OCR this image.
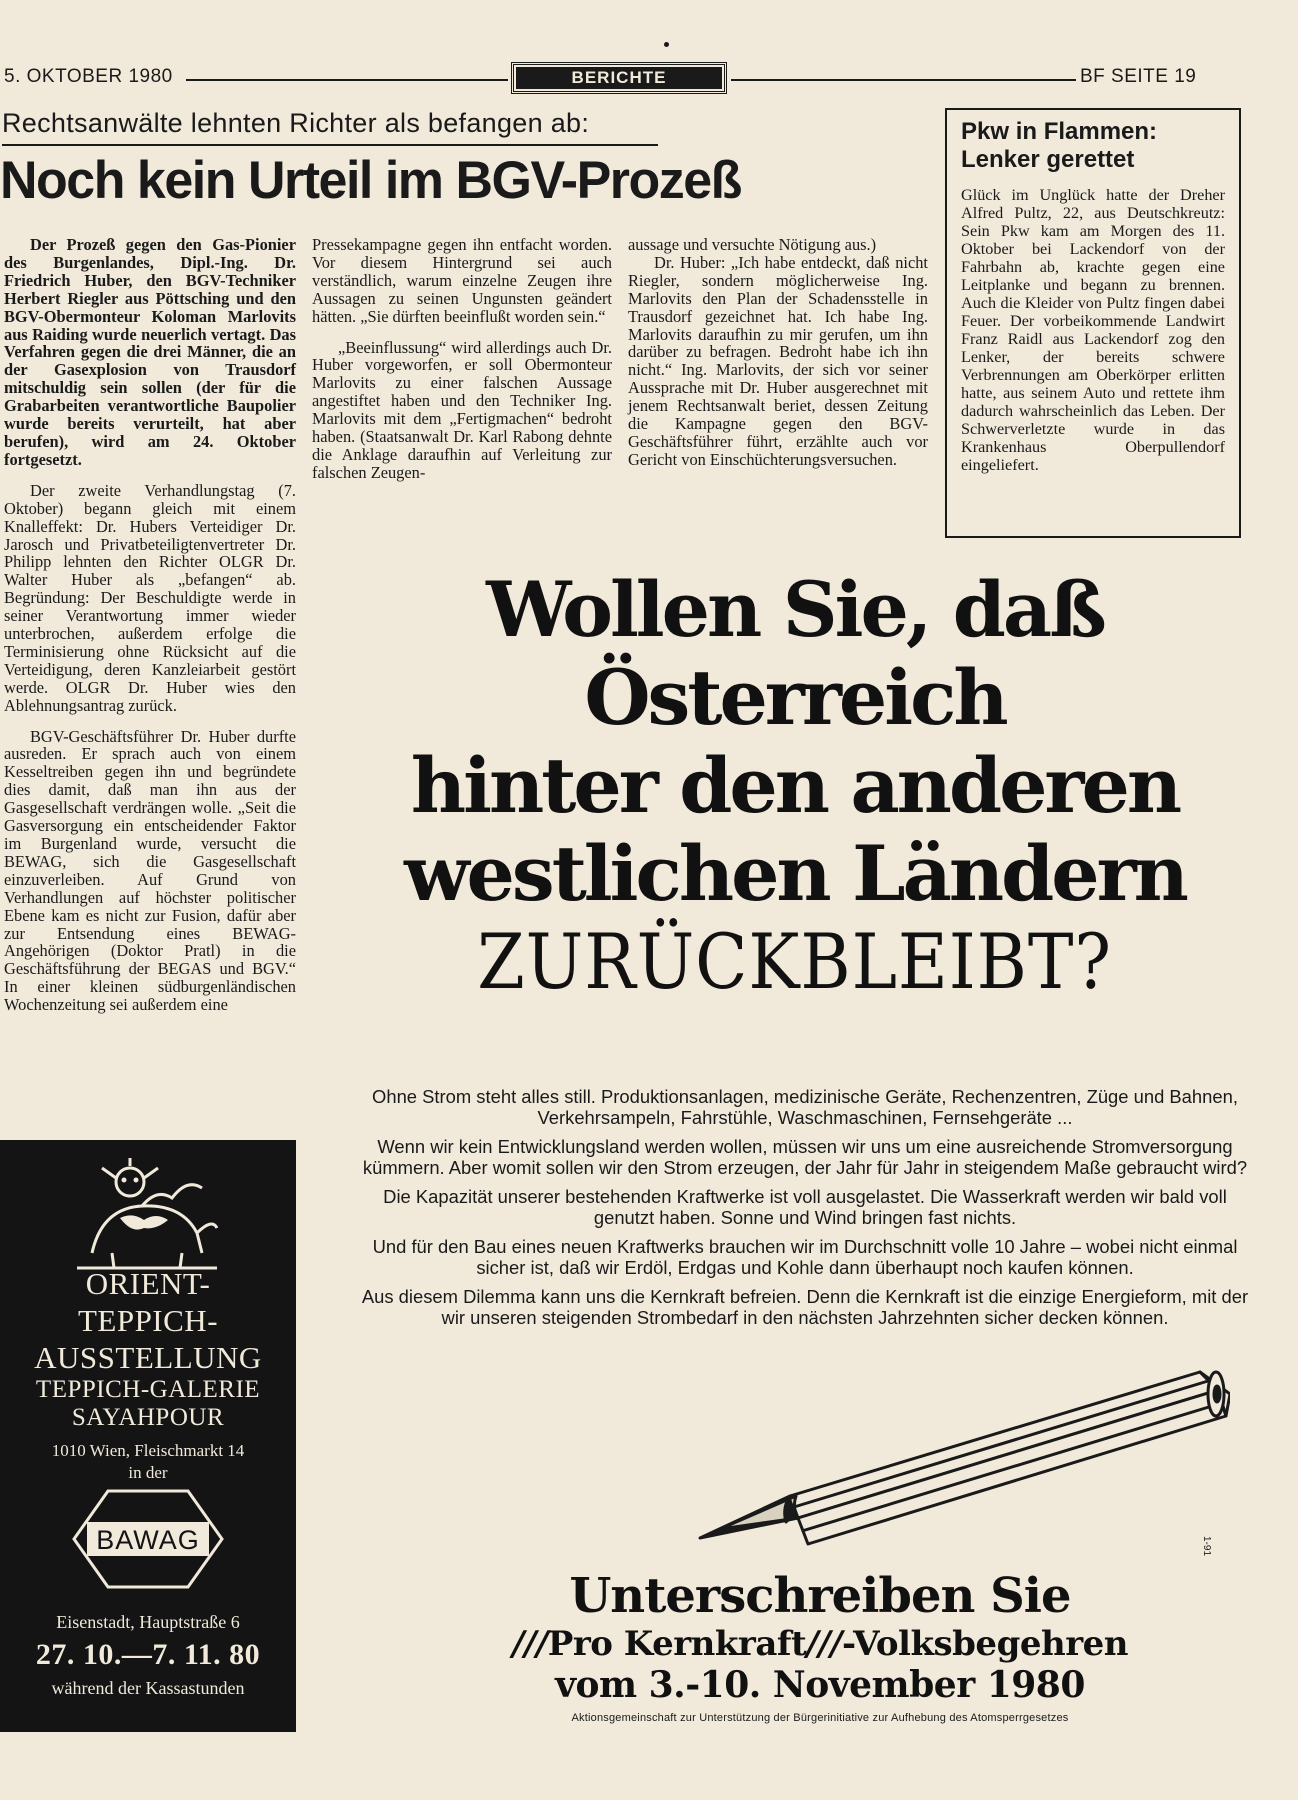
5. OKTOBER 1980	BERICHTE	BF SEITE 19
Rechtsanwälte lehnten Richter als befangen ab:
Noch kein Urteil im BGV-Prozeß

Der Prozeß gegen den Gas-Pionier des Burgenlandes, Dipl.-Ing. Dr. Friedrich Huber, den BGV-Techniker Herbert Riegler aus Pöttsching und den BGV-Obermonteur Koloman Marlovits aus Raiding wurde neuerlich vertagt. Das Verfahren gegen die drei Männer, die an der Gasexplosion von Trausdorf mitschuldig sein sollen (der für die Grabarbeiten verantwortliche Baupolier wurde bereits verurteilt, hat aber berufen), wird am 24. Oktober fortgesetzt.

Der zweite Verhandlungstag (7. Oktober) begann gleich mit einem Knalleffekt: Dr. Hubers Verteidiger Dr. Jarosch und Privatbeteiligtenvertreter Dr. Philipp lehnten den Richter OLGR Dr. Walter Huber als „befangen“ ab. Begründung: Der Beschuldigte werde in seiner Verantwortung immer wieder unterbrochen, außerdem erfolge die Terminisierung ohne Rücksicht auf die Verteidigung, deren Kanzleiarbeit gestört werde. OLGR Dr. Huber wies den Ablehnungsantrag zurück.

BGV-Geschäftsführer Dr. Huber durfte ausreden. Er sprach auch von einem Kesseltreiben gegen ihn und begründete dies damit, daß man ihn aus der Gasgesellschaft verdrängen wolle. „Seit die Gasversorgung ein entscheidender Faktor im Burgenland wurde, versucht die BEWAG, sich die Gasgesellschaft einzuverleiben. Auf Grund von Verhandlungen auf höchster politischer Ebene kam es nicht zur Fusion, dafür aber zur Entsendung eines BEWAG-Angehörigen (Doktor Pratl) in die Geschäftsführung der BEGAS und BGV.“ In einer kleinen südburgenländischen Wochenzeitung sei außerdem eine

Pressekampagne gegen ihn entfacht worden. Vor diesem Hintergrund sei auch verständlich, warum einzelne Zeugen ihre Aussagen zu seinen Ungunsten geändert hätten. „Sie dürften beeinflußt worden sein.“

„Beeinflussung“ wird allerdings auch Dr. Huber vorgeworfen, er soll Obermonteur Marlovits zu einer falschen Aussage angestiftet haben und den Techniker Ing. Marlovits mit dem „Fertigmachen“ bedroht haben. (Staatsanwalt Dr. Karl Rabong dehnte die Anklage daraufhin auf Verleitung zur falschen Zeugen-

aussage und versuchte Nötigung aus.)

Dr. Huber: „Ich habe entdeckt, daß nicht Riegler, sondern möglicherweise Ing. Marlovits den Plan der Schadensstelle in Trausdorf gezeichnet hat. Ich habe Ing. Marlovits daraufhin zu mir gerufen, um ihn darüber zu befragen. Bedroht habe ich ihn nicht.“ Ing. Marlovits, der sich vor seiner Aussprache mit Dr. Huber ausgerechnet mit jenem Rechtsanwalt beriet, dessen Zeitung die Kampagne gegen den BGV-Geschäftsführer führt, erzählte auch vor Gericht von Einschüchterungsversuchen.

Pkw in Flammen:
Lenker gerettet
Glück im Unglück hatte der Dreher Alfred Pultz, 22, aus Deutschkreutz: Sein Pkw kam am Morgen des 11. Oktober bei Lackendorf von der Fahrbahn ab, krachte gegen eine Leitplanke und begann zu brennen. Auch die Kleider von Pultz fingen dabei Feuer. Der vorbeikommende Landwirt Franz Raidl aus Lackendorf zog den Lenker, der bereits schwere Verbrennungen am Oberkörper erlitten hatte, aus seinem Auto und rettete ihm dadurch wahrscheinlich das Leben. Der Schwerverletzte wurde in das Krankenhaus Oberpullendorf eingeliefert.
ORIENT-
TEPPICH-
AUSSTELLUNG
TEPPICH-GALERIE
SAYAHPOUR
1010 Wien, Fleischmarkt 14
in der
BAWAG
Eisenstadt, Hauptstraße 6
27. 10.—7. 11. 80
während der Kassastunden
Wollen Sie, daß
Österreich
hinter den anderen
westlichen Ländern
ZURÜCKBLEIBT?

Ohne Strom steht alles still. Produktionsanlagen, medizinische Geräte, Rechenzentren, Züge und Bahnen, Verkehrsampeln, Fahrstühle, Waschmaschinen, Fernsehgeräte ...

Wenn wir kein Entwicklungsland werden wollen, müssen wir uns um eine ausreichende Stromversorgung kümmern. Aber womit sollen wir den Strom erzeugen, der Jahr für Jahr in steigendem Maße gebraucht wird?

Die Kapazität unserer bestehenden Kraftwerke ist voll ausgelastet. Die Wasserkraft werden wir bald voll genutzt haben. Sonne und Wind bringen fast nichts.

Und für den Bau eines neuen Kraftwerks brauchen wir im Durchschnitt volle 10 Jahre – wobei nicht einmal sicher ist, daß wir Erdöl, Erdgas und Kohle dann überhaupt noch kaufen können.

Aus diesem Dilemma kann uns die Kernkraft befreien. Denn die Kernkraft ist die einzige Energieform, mit der wir unseren steigenden Strombedarf in den nächsten Jahrzehnten sicher decken können.

1-91
Unterschreiben Sie
///Pro Kernkraft///-Volksbegehren
vom 3.-10. November 1980
Aktionsgemeinschaft zur Unterstützung der Bürgerinitiative zur Aufhebung des Atomsperrgesetzes
